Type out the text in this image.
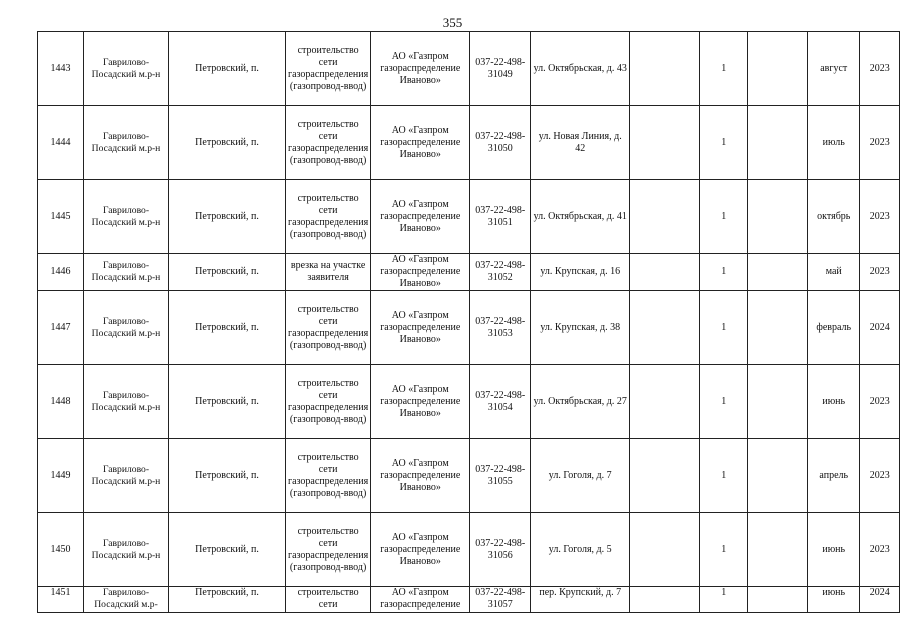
355
1443	Гаврилово-Посадский м.р-н	Петровский, п.	строительство сети газораспределения (газопровод-ввод)	АО «Газпром газораспределение Иваново»	037-22-498-31049	ул. Октябрьская, д. 43		1		август	2023
1444	Гаврилово-Посадский м.р-н	Петровский, п.	строительство сети газораспределения (газопровод-ввод)	АО «Газпром газораспределение Иваново»	037-22-498-31050	ул. Новая Линия, д. 42		1		июль	2023
1445	Гаврилово-Посадский м.р-н	Петровский, п.	строительство сети газораспределения (газопровод-ввод)	АО «Газпром газораспределение Иваново»	037-22-498-31051	ул. Октябрьская, д. 41		1		октябрь	2023
1446	Гаврилово-Посадский м.р-н	Петровский, п.	врезка на участке заявителя	АО «Газпром газораспределение Иваново»	037-22-498-31052	ул. Крупская, д. 16		1		май	2023
1447	Гаврилово-Посадский м.р-н	Петровский, п.	строительство сети газораспределения (газопровод-ввод)	АО «Газпром газораспределение Иваново»	037-22-498-31053	ул. Крупская, д. 38		1		февраль	2024
1448	Гаврилово-Посадский м.р-н	Петровский, п.	строительство сети газораспределения (газопровод-ввод)	АО «Газпром газораспределение Иваново»	037-22-498-31054	ул. Октябрьская, д. 27		1		июнь	2023
1449	Гаврилово-Посадский м.р-н	Петровский, п.	строительство сети газораспределения (газопровод-ввод)	АО «Газпром газораспределение Иваново»	037-22-498-31055	ул. Гоголя, д. 7		1		апрель	2023
1450	Гаврилово-Посадский м.р-н	Петровский, п.	строительство сети газораспределения (газопровод-ввод)	АО «Газпром газораспределение Иваново»	037-22-498-31056	ул. Гоголя, д. 5		1		июнь	2023
1451	Гаврилово-Посадский м.р-	Петровский, п.	строительство сети	АО «Газпром газораспределение	037-22-498-31057	пер. Крупский, д. 7		1		июнь	2024
